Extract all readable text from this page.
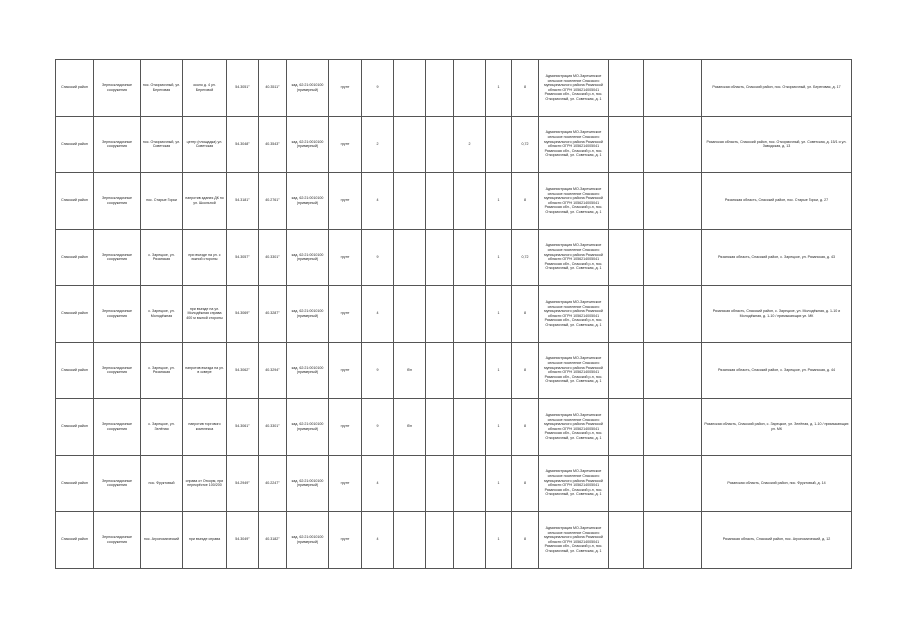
Спасский район	Зерноскладочные сооружения	пос. Откормочный, ул. Береговая	около д. 4 ул. Береговой	54.3051°	40.3511°	кад. 62:21:0010100 (примерный)	грунт	9				1	8	Администрация МО-Заречинское сельское поселение Спасского муниципального района Рязанской области ОГРН 1056214005041 Рязанская обл., Спасский р-н, пос. Откормочный, ул. Советская, д. 1			Рязанская область, Спасский район, пос. Откормочный, ул. Береговая, д. 17
Спасский район	Зерноскладочные сооружения	пос. Откормочный, ул. Советская	центр (площадка) ул. Советская	54.3048°	40.3543°	кад. 62:21:0010100 (примерный)	грунт	2			2		0,72	Администрация МО-Заречинское сельское поселение Спасского муниципального района Рязанской области ОГРН 1056214005041 Рязанская обл., Спасский р-н, пос. Откормочный, ул. Советская, д. 1			Рязанская область, Спасский район, пос. Откормочный, ул. Советская, д. 15/1 и ул. Заводская, д. 13
Спасский район	Зерноскладочные сооружения	пос. Старые Горки	напротив здания ДК по ул. Школьной	54.3181°	40.2761°	кад. 62:21:0010100 (примерный)	грунт	4				1	8	Администрация МО-Заречинское сельское поселение Спасского муниципального района Рязанской области ОГРН 1056214005041 Рязанская обл., Спасский р-н, пос. Откормочный, ул. Советская, д. 1			Рязанская область, Спасский район, пос. Старые Горки, д. 27
Спасский район	Зерноскладочные сооружения	с. Зарецкое, ул. Рязанская	при въезде на ул. с южной стороны	54.3057°	40.3301°	кад. 62:21:0010100 (примерный)	грунт	9				1	0,72	Администрация МО-Заречинское сельское поселение Спасского муниципального района Рязанской области ОГРН 1056214005041 Рязанская обл., Спасский р-н, пос. Откормочный, ул. Советская, д. 1			Рязанская область, Спасский район, с. Зарецкое, ул. Рязанская, д. 43
Спасский район	Зерноскладочные сооружения	с. Зарецкое, ул. Молодёжная	при въезде на ул. Молодёжная справа 400 м южной стороны	54.3069°	40.3287°	кад. 62:21:0010100 (примерный)	грунт	4				1	8	Администрация МО-Заречинское сельское поселение Спасского муниципального района Рязанской области ОГРН 1056214005041 Рязанская обл., Спасский р-н, пос. Откормочный, ул. Советская, д. 1			Рязанская область, Спасский район, с. Зарецкое, ул. Молодёжная, д. 1-10 и Молодёжная, д. 1-10 / примыкающих ул. МК
Спасский район	Зерноскладочные сооружения	с. Зарецкое, ул. Рязанская	напротив въезда на ул. в сквере	54.3062°	40.3294°	кад. 62:21:0010100 (примерный)	грунт	9	б/н			1	8	Администрация МО-Заречинское сельское поселение Спасского муниципального района Рязанской области ОГРН 1056214005041 Рязанская обл., Спасский р-н, пос. Откормочный, ул. Советская, д. 1			Рязанская область, Спасский район, с. Зарецкое, ул. Рязанская, д. 44
Спасский район	Зерноскладочные сооружения	с. Зарецкое, ул. Зелёная	напротив торгового комплекса	54.3061°	40.3301°	кад. 62:21:0010100 (примерный)	грунт	9	б/н			1	8	Администрация МО-Заречинское сельское поселение Спасского муниципального района Рязанской области ОГРН 1056214005041 Рязанская обл., Спасский р-н, пос. Откормочный, ул. Советская, д. 1			Рязанская область, Спасский район, с. Зарецкое, ул. Зелёная, д. 1-10 / примыкающих ул. МК
Спасский район	Зерноскладочные сооружения	пос. Фруктовый	справа от Откорм, при перекрёстке 100/200	54.2949°	40.2247°	кад. 62:21:0010100 (примерный)	грунт	4				1	8	Администрация МО-Заречинское сельское поселение Спасского муниципального района Рязанской области ОГРН 1056214005041 Рязанская обл., Спасский р-н, пос. Откормочный, ул. Советская, д. 1			Рязанская область, Спасский район, пос. Фруктовый, д. 14
Спасский район	Зерноскладочные сооружения	пос. Агрономический	при въезде справа	54.3049°	40.3182°	кад. 62:21:0010100 (примерный)	грунт	4				1	8	Администрация МО-Заречинское сельское поселение Спасского муниципального района Рязанской области ОГРН 1056214005041 Рязанская обл., Спасский р-н, пос. Откормочный, ул. Советская, д. 1			Рязанская область, Спасский район, пос. Агрономический, д. 12
